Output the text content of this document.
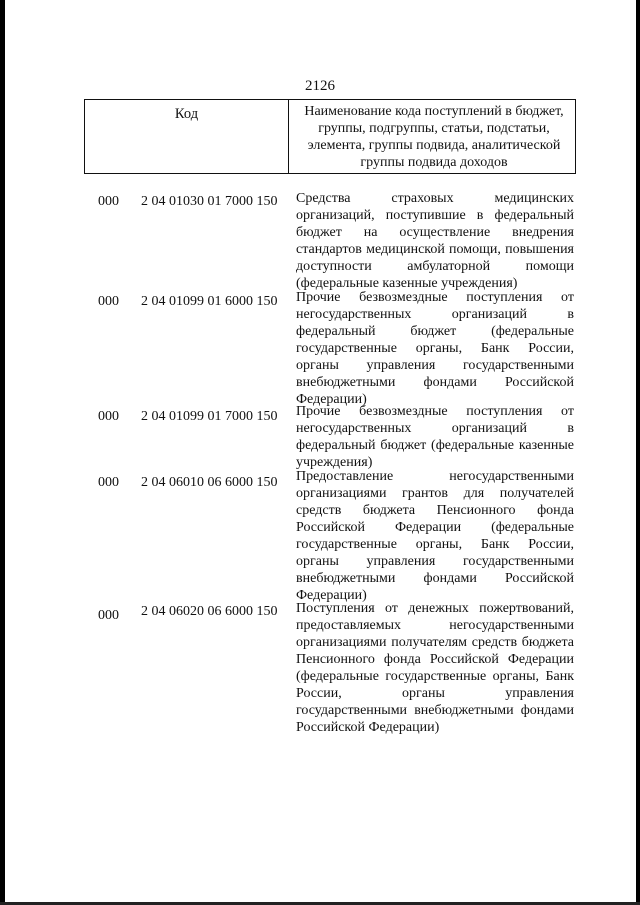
2126
Код	Наименование кода поступлений в бюджет, группы, подгруппы, статьи, подстатьи, элемента, группы подвида, аналитической группы подвида доходов
000	2 04 01030 01 7000 150	Средства страховых медицинских организаций, поступившие в федеральный бюджет на осуществление внедрения стандартов медицинской помощи, повышения доступности амбулаторной помощи (федеральные казенные учреждения)
000	2 04 01099 01 6000 150	Прочие безвозмездные поступления от негосударственных организаций в федеральный бюджет (федеральные государственные органы, Банк России, органы управления государственными внебюджетными фондами Российской Федерации)
000	2 04 01099 01 7000 150	Прочие безвозмездные поступления от негосударственных организаций в федеральный бюджет (федеральные казенные учреждения)
000	2 04 06010 06 6000 150	Предоставление негосударственными организациями грантов для получателей средств бюджета Пенсионного фонда Российской Федерации (федеральные государственные органы, Банк России, органы управления государственными внебюджетными фондами Российской Федерации)
000	2 04 06020 06 6000 150	Поступления от денежных пожертвований, предоставляемых негосударственными организациями получателям средств бюджета Пенсионного фонда Российской Федерации (федеральные государственные органы, Банк России, органы управления государственными внебюджетными фондами Российской Федерации)
